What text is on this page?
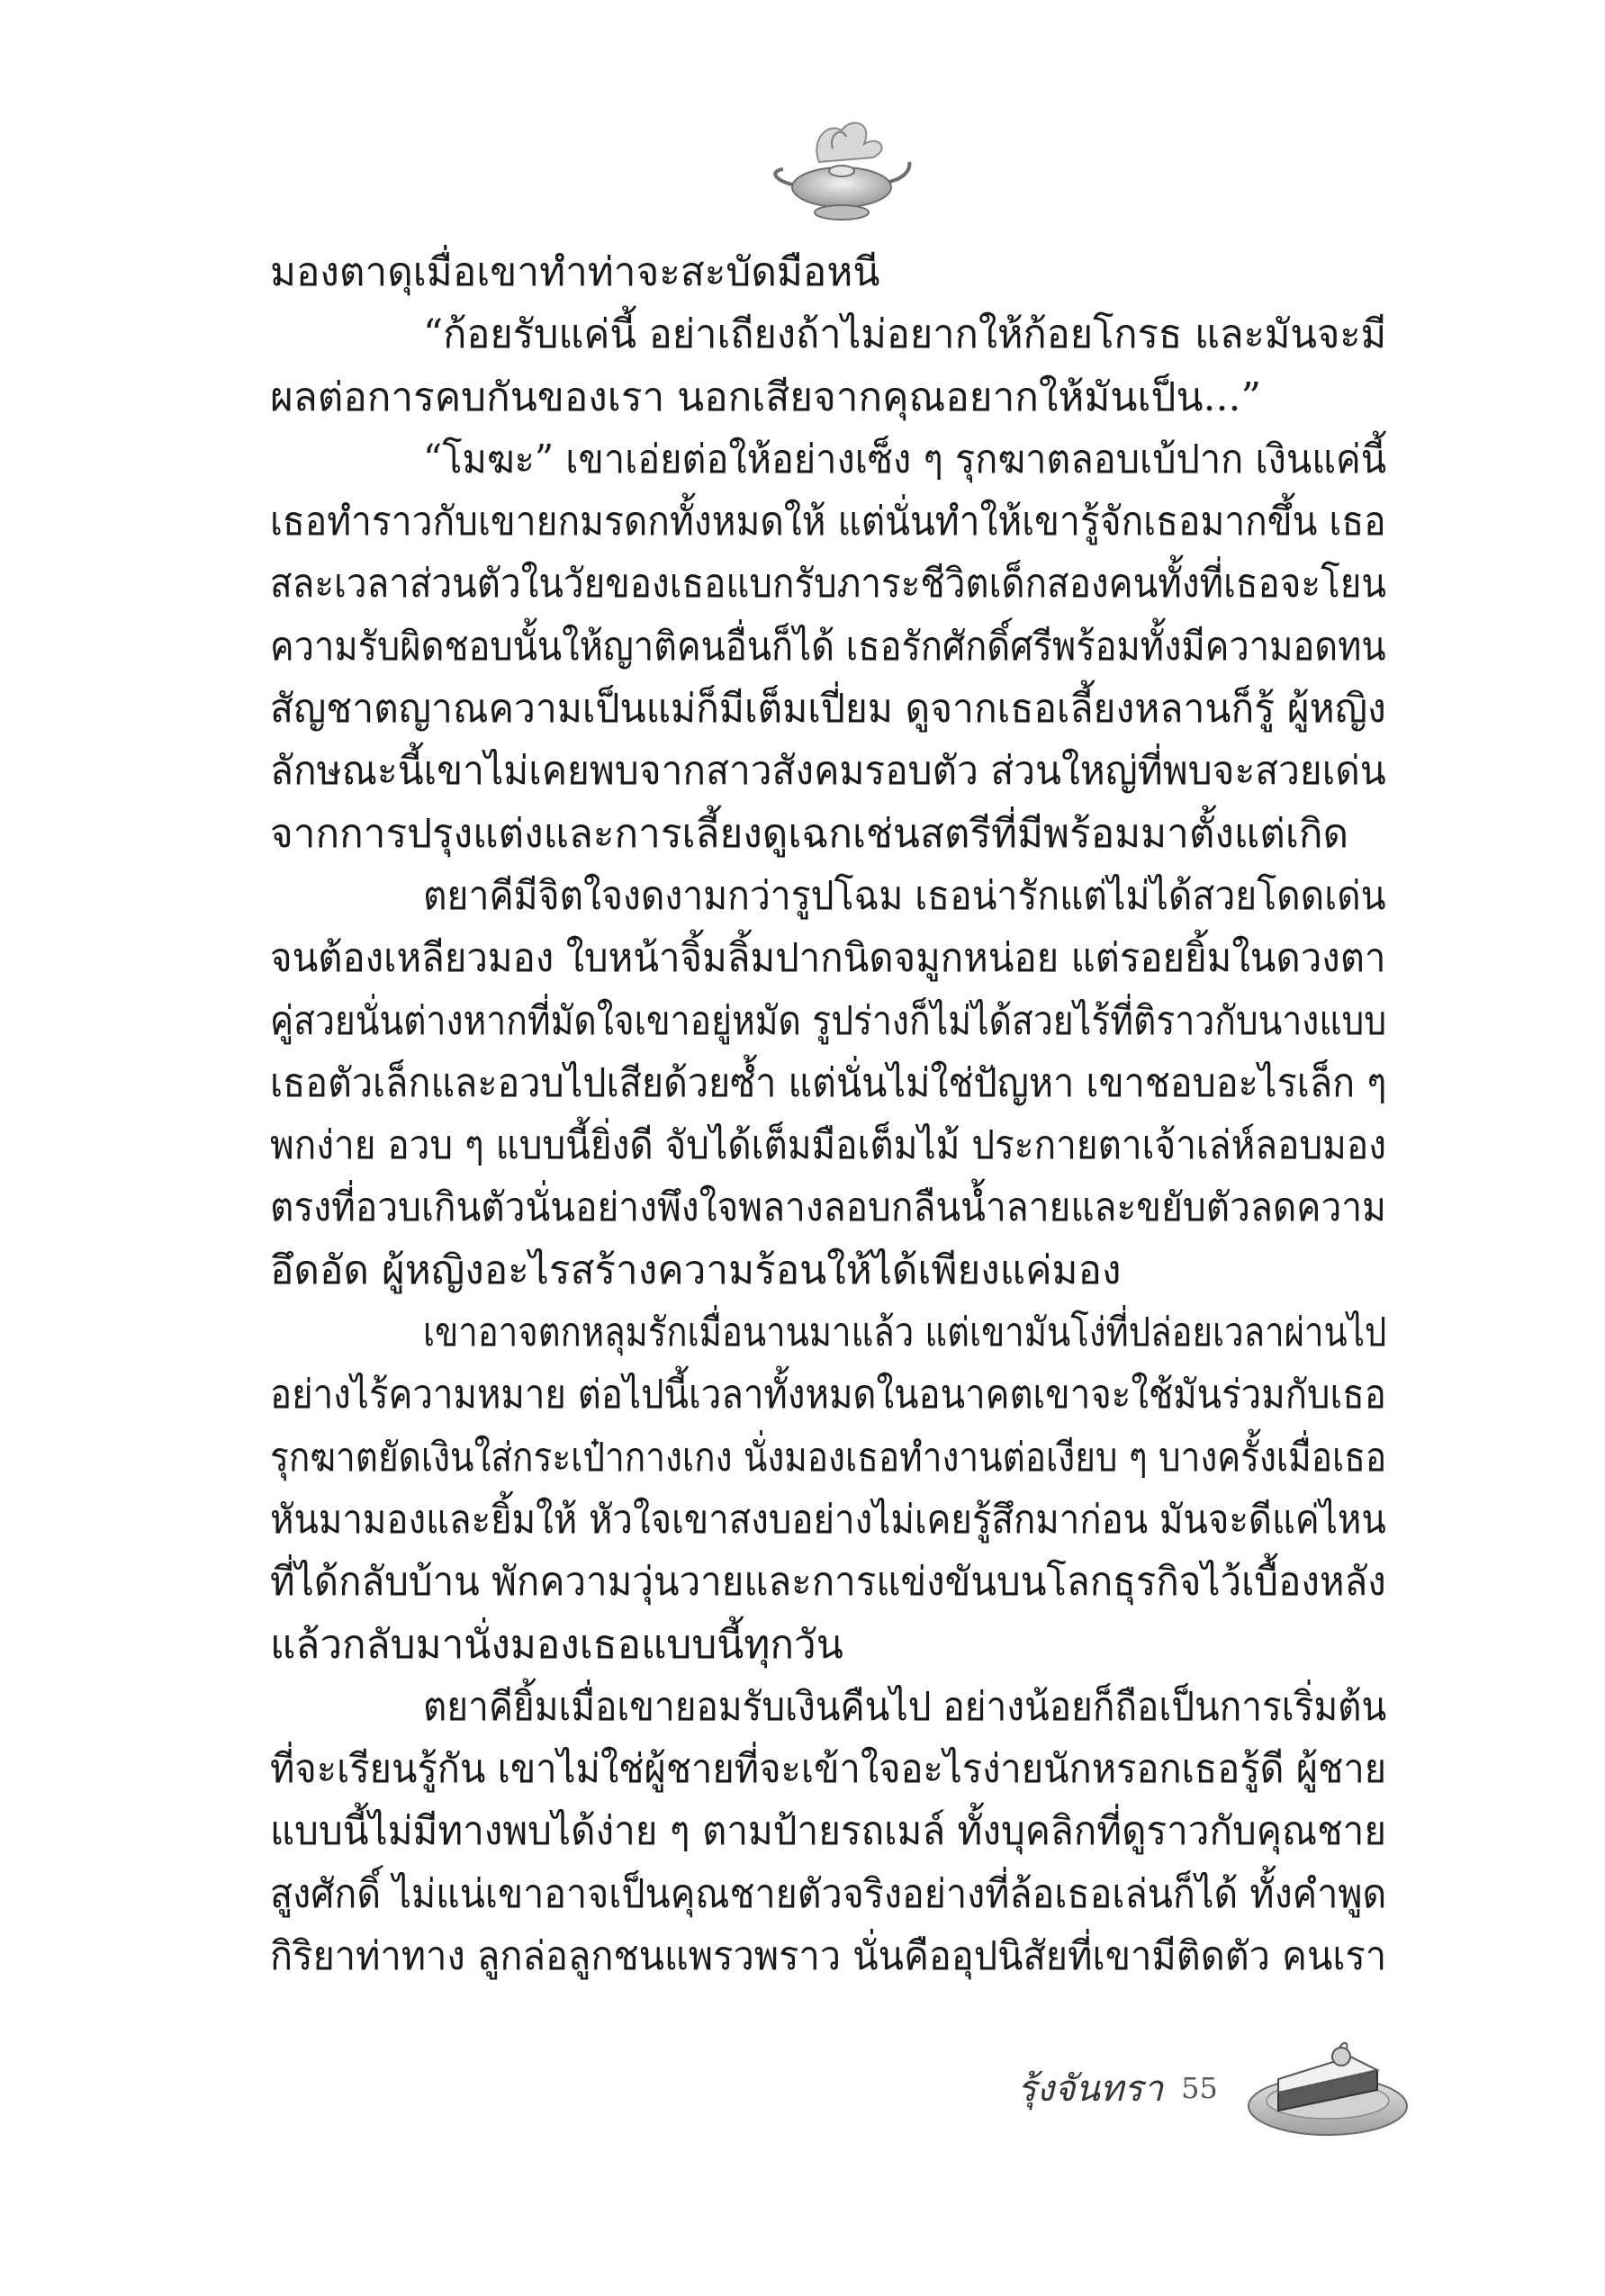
มองตาดุเมื่อเขาทำท่าจะสะบัดมือหนี
“ก้อยรับแค่นี้ อย่าเถียงถ้าไม่อยากให้ก้อยโกรธ และมันจะมี
ผลต่อการคบกันของเรา นอกเสียจากคุณอยากให้มันเป็น...”
“โมฆะ” เขาเอ่ยต่อให้อย่างเซ็ง ๆ รุกฆาตลอบเบ้ปาก เงินแค่นี้
เธอทำราวกับเขายกมรดกทั้งหมดให้ แต่นั่นทำให้เขารู้จักเธอมากขึ้น เธอ
สละเวลาส่วนตัวในวัยของเธอแบกรับภาระชีวิตเด็กสองคนทั้งที่เธอจะโยน
ความรับผิดชอบนั้นให้ญาติคนอื่นก็ได้ เธอรักศักดิ์ศรีพร้อมทั้งมีความอดทน
สัญชาตญาณความเป็นแม่ก็มีเต็มเปี่ยม ดูจากเธอเลี้ยงหลานก็รู้ ผู้หญิง
ลักษณะนี้เขาไม่เคยพบจากสาวสังคมรอบตัว ส่วนใหญ่ที่พบจะสวยเด่น
จากการปรุงแต่งและการเลี้ยงดูเฉกเช่นสตรีที่มีพร้อมมาตั้งแต่เกิด
ตยาคีมีจิตใจงดงามกว่ารูปโฉม เธอน่ารักแต่ไม่ได้สวยโดดเด่น
จนต้องเหลียวมอง ใบหน้าจิ้มลิ้มปากนิดจมูกหน่อย แต่รอยยิ้มในดวงตา
คู่สวยนั่นต่างหากที่มัดใจเขาอยู่หมัด รูปร่างก็ไม่ได้สวยไร้ที่ติราวกับนางแบบ
เธอตัวเล็กและอวบไปเสียด้วยซ้ำ แต่นั่นไม่ใช่ปัญหา เขาชอบอะไรเล็ก ๆ
พกง่าย อวบ ๆ แบบนี้ยิ่งดี จับได้เต็มมือเต็มไม้ ประกายตาเจ้าเล่ห์ลอบมอง
ตรงที่อวบเกินตัวนั่นอย่างพึงใจพลางลอบกลืนน้ำลายและขยับตัวลดความ
อึดอัด ผู้หญิงอะไรสร้างความร้อนให้ได้เพียงแค่มอง
เขาอาจตกหลุมรักเมื่อนานมาแล้ว แต่เขามันโง่ที่ปล่อยเวลาผ่านไป
อย่างไร้ความหมาย ต่อไปนี้เวลาทั้งหมดในอนาคตเขาจะใช้มันร่วมกับเธอ
รุกฆาตยัดเงินใส่กระเป๋ากางเกง นั่งมองเธอทำงานต่อเงียบ ๆ บางครั้งเมื่อเธอ
หันมามองและยิ้มให้ หัวใจเขาสงบอย่างไม่เคยรู้สึกมาก่อน มันจะดีแค่ไหน
ที่ได้กลับบ้าน พักความวุ่นวายและการแข่งขันบนโลกธุรกิจไว้เบื้องหลัง
แล้วกลับมานั่งมองเธอแบบนี้ทุกวัน
ตยาคียิ้มเมื่อเขายอมรับเงินคืนไป อย่างน้อยก็ถือเป็นการเริ่มต้น
ที่จะเรียนรู้กัน เขาไม่ใช่ผู้ชายที่จะเข้าใจอะไรง่ายนักหรอกเธอรู้ดี ผู้ชาย
แบบนี้ไม่มีทางพบได้ง่าย ๆ ตามป้ายรถเมล์ ทั้งบุคลิกที่ดูราวกับคุณชาย
สูงศักดิ์ ไม่แน่เขาอาจเป็นคุณชายตัวจริงอย่างที่ล้อเธอเล่นก็ได้ ทั้งคำพูด
กิริยาท่าทาง ลูกล่อลูกชนแพรวพราว นั่นคืออุปนิสัยที่เขามีติดตัว คนเรา
รุ้งจันทรา 55
